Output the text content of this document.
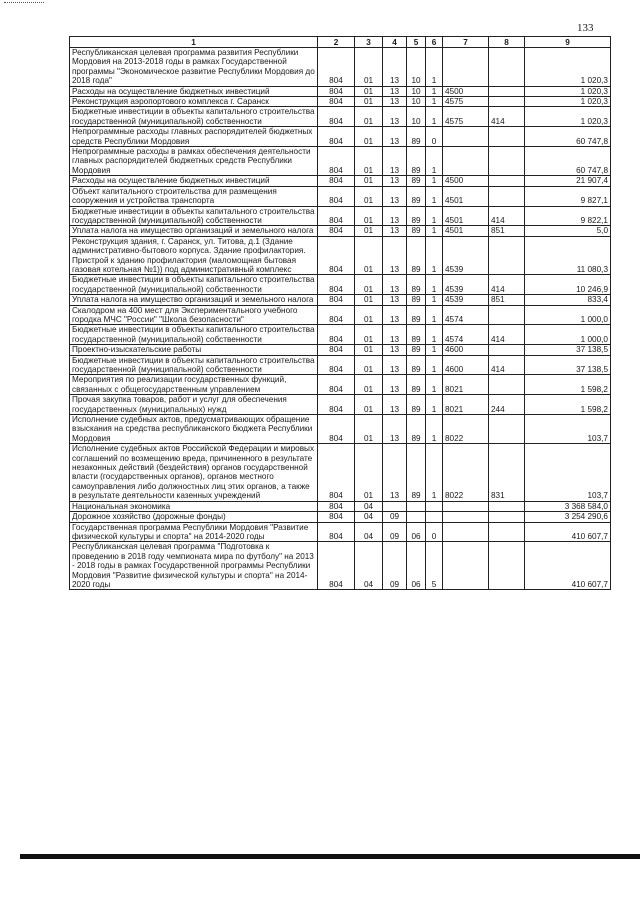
133
1	2	3	4	5	6	7	8	9
Республиканская целевая программа развития Республики Мордовия на 2013-2018 годы в рамках Государственной программы "Экономическое развитие Республики Мордовия до 2018 года"	804	01	13	10	1			1 020,3
Расходы на осуществление бюджетных инвестиций	804	01	13	10	1	4500		1 020,3
Реконструкция аэропортового комплекса г. Саранск	804	01	13	10	1	4575		1 020,3
Бюджетные инвестиции в объекты капитального строительства государственной (муниципальной) собственности	804	01	13	10	1	4575	414	1 020,3
Непрограммные расходы главных распорядителей бюджетных средств Республики Мордовия	804	01	13	89	0			60 747,8
Непрограммные расходы в рамках обеспечения деятельности главных распорядителей бюджетных средств Республики Мордовия	804	01	13	89	1			60 747,8
Расходы на осуществление бюджетных инвестиций	804	01	13	89	1	4500		21 907,4
Объект капитального строительства для размещения сооружения и устройства транспорта	804	01	13	89	1	4501		9 827,1
Бюджетные инвестиции в объекты капитального строительства государственной (муниципальной) собственности	804	01	13	89	1	4501	414	9 822,1
Уплата налога на имущество организаций и земельного налога	804	01	13	89	1	4501	851	5,0
Реконструкция здания, г. Саранск, ул. Титова, д.1 (Здание административно-бытового корпуса. Здание профилактория. Пристрой к зданию профилактория (маломощная бытовая газовая котельная №1)) под административный комплекс	804	01	13	89	1	4539		11 080,3
Бюджетные инвестиции в объекты капитального строительства государственной (муниципальной) собственности	804	01	13	89	1	4539	414	10 246,9
Уплата налога на имущество организаций и земельного налога	804	01	13	89	1	4539	851	833,4
Скалодром на 400 мест для Экспериментального учебного городка МЧС "России" "Школа безопасности"	804	01	13	89	1	4574		1 000,0
Бюджетные инвестиции в объекты капитального строительства государственной (муниципальной) собственности	804	01	13	89	1	4574	414	1 000,0
Проектно-изыскательские работы	804	01	13	89	1	4600		37 138,5
Бюджетные инвестиции в объекты капитального строительства государственной (муниципальной) собственности	804	01	13	89	1	4600	414	37 138,5
Мероприятия по реализации государственных функций, связанных с общегосударственным управлением	804	01	13	89	1	8021		1 598,2
Прочая закупка товаров, работ и услуг для обеспечения государственных (муниципальных) нужд	804	01	13	89	1	8021	244	1 598,2
Исполнение судебных актов, предусматривающих обращение взыскания на средства республиканского бюджета Республики Мордовия	804	01	13	89	1	8022		103,7
Исполнение судебных актов Российской Федерации и мировых соглашений по возмещению вреда, причиненного в результате незаконных действий (бездействия) органов государственной власти (государственных органов), органов местного самоуправления либо должностных лиц этих органов, а также в результате деятельности казенных учреждений	804	01	13	89	1	8022	831	103,7
Национальная экономика	804	04						3 368 584,0
Дорожное хозяйство (дорожные фонды)	804	04	09					3 254 290,6
Государственная программа Республики Мордовия "Развитие физической культуры и спорта" на 2014-2020 годы	804	04	09	06	0			410 607,7
Республиканская целевая программа "Подготовка к проведению в 2018 году чемпионата мира по футболу" на 2013 - 2018 годы в рамках Государственной программы Республики Мордовия "Развитие физической культуры и спорта" на 2014-2020 годы	804	04	09	06	5			410 607,7
